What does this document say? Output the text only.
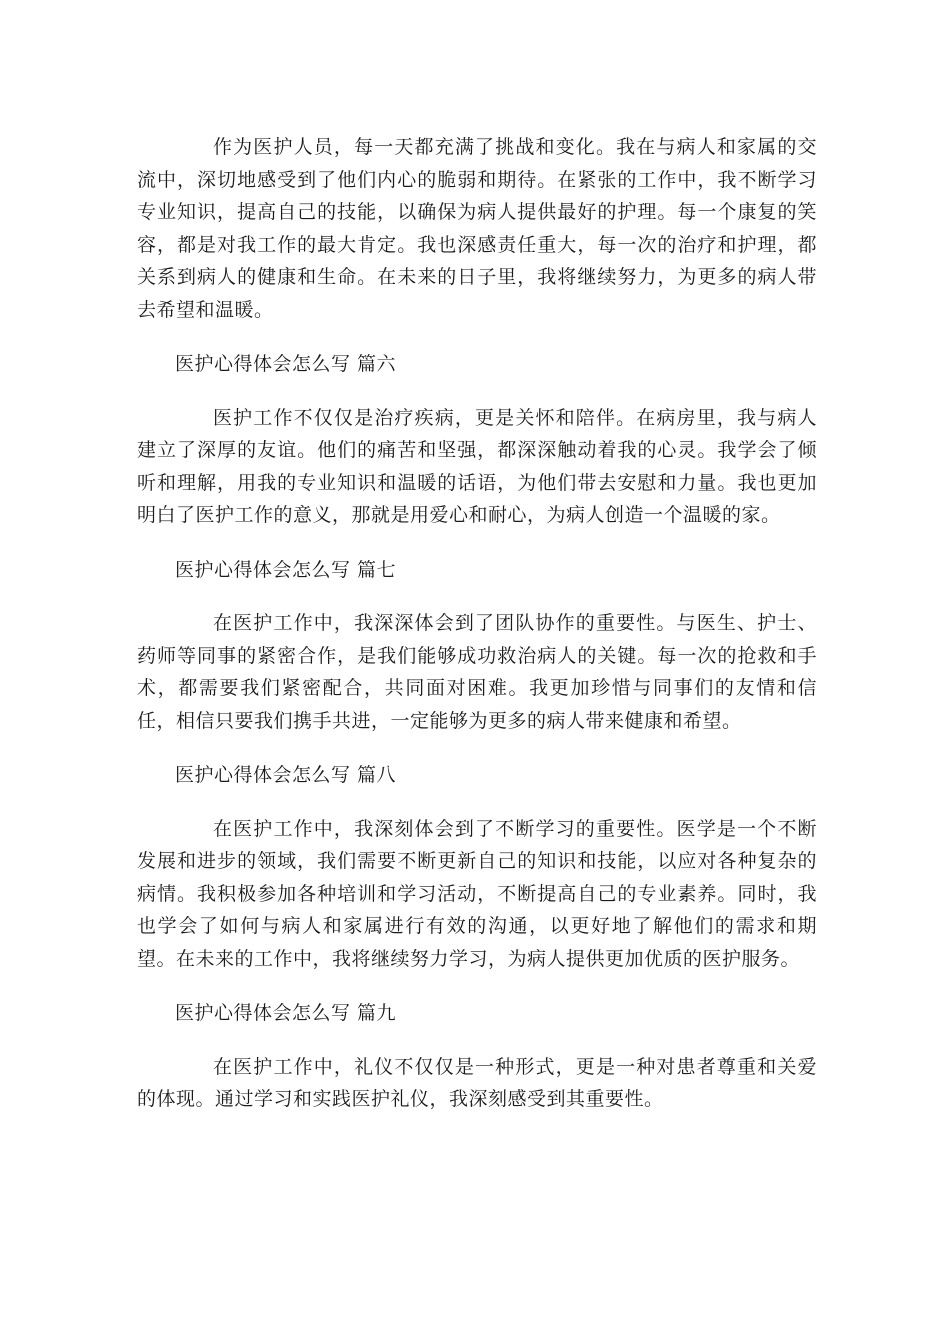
作为医护人员，每一天都充满了挑战和变化。我在与病人和家属的交流中，深切地感受到了他们内心的脆弱和期待。在紧张的工作中，我不断学习专业知识，提高自己的技能，以确保为病人提供最好的护理。每一个康复的笑容，都是对我工作的最大肯定。我也深感责任重大，每一次的治疗和护理，都关系到病人的健康和生命。在未来的日子里，我将继续努力，为更多的病人带去希望和温暖。

医护心得体会怎么写 篇六

医护工作不仅仅是治疗疾病，更是关怀和陪伴。在病房里，我与病人建立了深厚的友谊。他们的痛苦和坚强，都深深触动着我的心灵。我学会了倾听和理解，用我的专业知识和温暖的话语，为他们带去安慰和力量。我也更加明白了医护工作的意义，那就是用爱心和耐心，为病人创造一个温暖的家。

医护心得体会怎么写 篇七

在医护工作中，我深深体会到了团队协作的重要性。与医生、护士、药师等同事的紧密合作，是我们能够成功救治病人的关键。每一次的抢救和手术，都需要我们紧密配合，共同面对困难。我更加珍惜与同事们的友情和信任，相信只要我们携手共进，一定能够为更多的病人带来健康和希望。

医护心得体会怎么写 篇八

在医护工作中，我深刻体会到了不断学习的重要性。医学是一个不断发展和进步的领域，我们需要不断更新自己的知识和技能，以应对各种复杂的病情。我积极参加各种培训和学习活动，不断提高自己的专业素养。同时，我也学会了如何与病人和家属进行有效的沟通，以更好地了解他们的需求和期望。在未来的工作中，我将继续努力学习，为病人提供更加优质的医护服务。

医护心得体会怎么写 篇九

在医护工作中，礼仪不仅仅是一种形式，更是一种对患者尊重和关爱的体现。通过学习和实践医护礼仪，我深刻感受到其重要性。
